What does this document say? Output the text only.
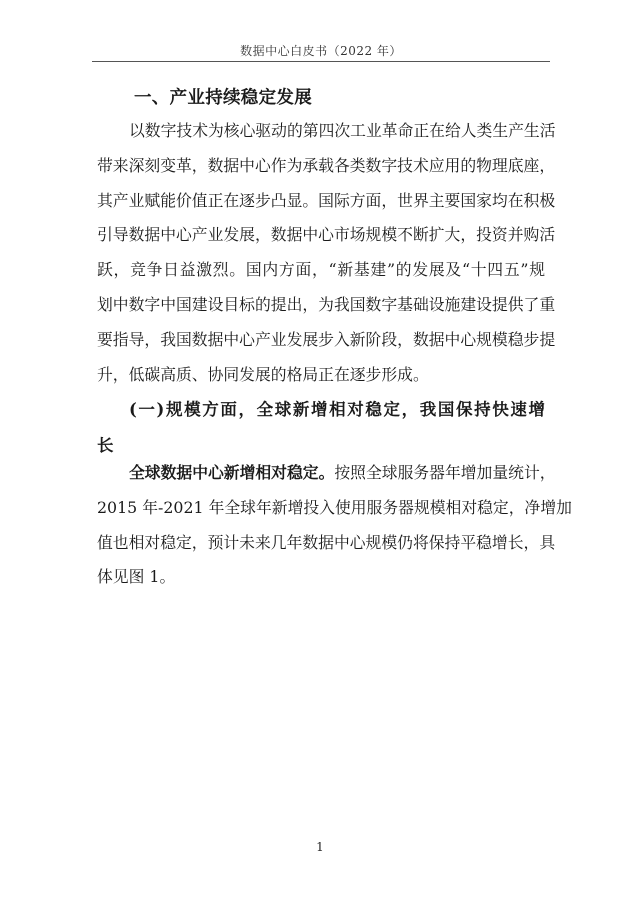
数据中心白皮书（2022 年）
一、产业持续稳定发展
以数字技术为核心驱动的第四次工业革命正在给人类生产生活
带来深刻变革，数据中心作为承载各类数字技术应用的物理底座，
其产业赋能价值正在逐步凸显。国际方面，世界主要国家均在积极
引导数据中心产业发展，数据中心市场规模不断扩大，投资并购活
跃，竞争日益激烈。国内方面，“新基建”的发展及“十四五”规
划中数字中国建设目标的提出，为我国数字基础设施建设提供了重
要指导，我国数据中心产业发展步入新阶段，数据中心规模稳步提
升，低碳高质、协同发展的格局正在逐步形成。
(一)规模方面，全球新增相对稳定，我国保持快速增
长
全球数据中心新增相对稳定。按照全球服务器年增加量统计，
2015 年-2021 年全球年新增投入使用服务器规模相对稳定，净增加
值也相对稳定，预计未来几年数据中心规模仍将保持平稳增长，具
体见图 1。
1
